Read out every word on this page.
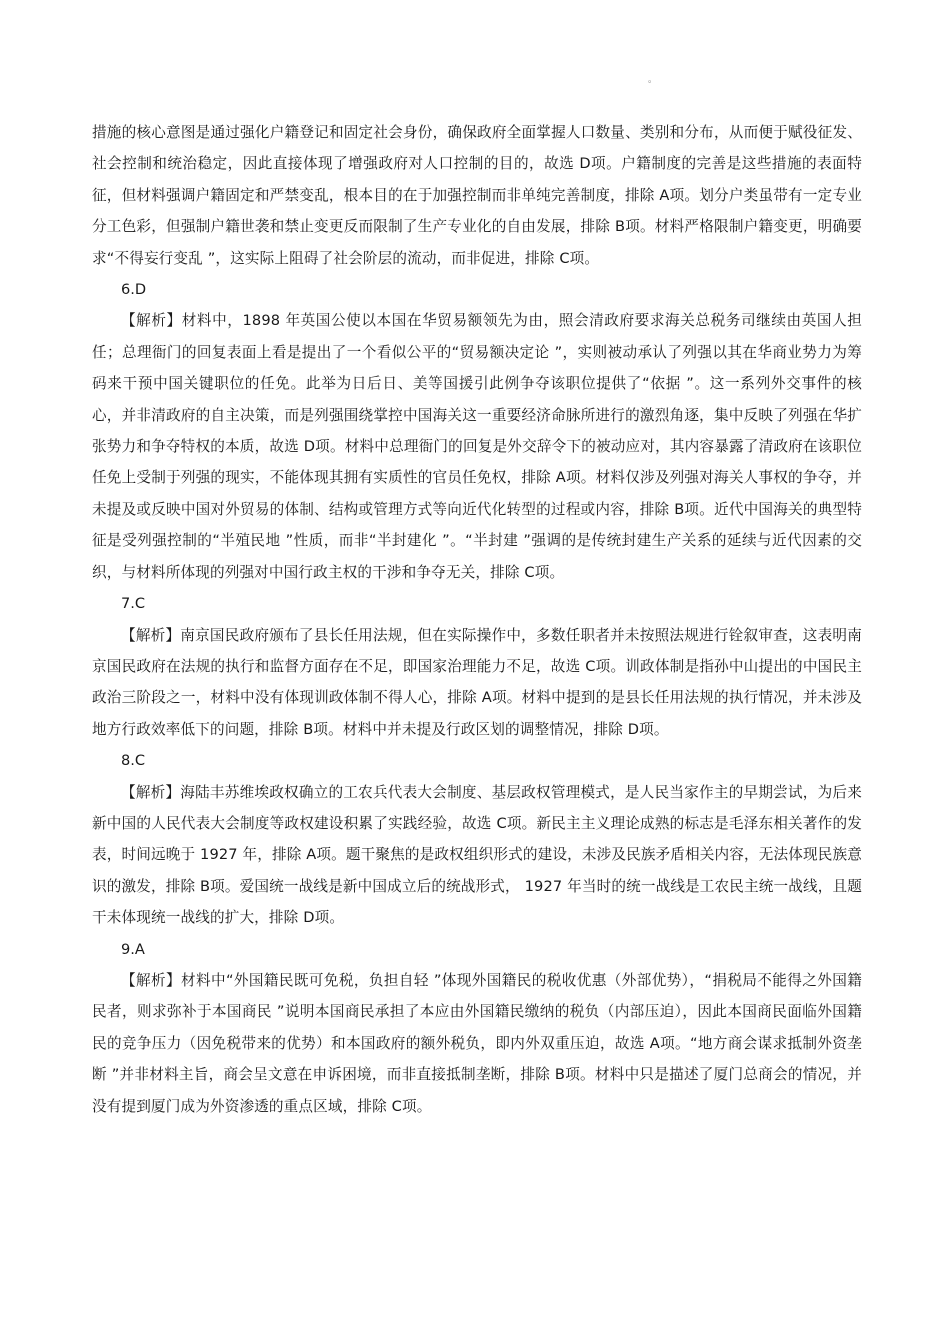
。

措施的核心意图是通过强化户籍登记和固定社会身份，确保政府全面掌握人口数量、类别和分布，从而便于赋役征发、社会控制和统治稳定，因此直接体现了增强政府对人口控制的目的，故选 D项。户籍制度的完善是这些措施的表面特征，但材料强调户籍固定和严禁变乱，根本目的在于加强控制而非单纯完善制度，排除 A项。划分户类虽带有一定专业分工色彩，但强制户籍世袭和禁止变更反而限制了生产专业化的自由发展，排除 B项。材料严格限制户籍变更，明确要求“不得妄行变乱 ”，这实际上阻碍了社会阶层的流动，而非促进，排除 C项。

6.D

【解析】材料中，1898 年英国公使以本国在华贸易额领先为由，照会清政府要求海关总税务司继续由英国人担任；总理衙门的回复表面上看是提出了一个看似公平的“贸易额决定论 ”，实则被动承认了列强以其在华商业势力为筹码来干预中国关键职位的任免。此举为日后日、美等国援引此例争夺该职位提供了“依据 ”。这一系列外交事件的核心，并非清政府的自主决策，而是列强围绕掌控中国海关这一重要经济命脉所进行的激烈角逐，集中反映了列强在华扩张势力和争夺特权的本质，故选 D项。材料中总理衙门的回复是外交辞令下的被动应对，其内容暴露了清政府在该职位任免上受制于列强的现实，不能体现其拥有实质性的官员任免权，排除 A项。材料仅涉及列强对海关人事权的争夺，并未提及或反映中国对外贸易的体制、结构或管理方式等向近代化转型的过程或内容，排除 B项。近代中国海关的典型特征是受列强控制的“半殖民地 ”性质，而非“半封建化 ”。“半封建 ”强调的是传统封建生产关系的延续与近代因素的交织，与材料所体现的列强对中国行政主权的干涉和争夺无关，排除 C项。

7.C

【解析】南京国民政府颁布了县长任用法规，但在实际操作中，多数任职者并未按照法规进行铨叙审查，这表明南京国民政府在法规的执行和监督方面存在不足，即国家治理能力不足，故选 C项。训政体制是指孙中山提出的中国民主政治三阶段之一，材料中没有体现训政体制不得人心，排除 A项。材料中提到的是县长任用法规的执行情况，并未涉及地方行政效率低下的问题，排除 B项。材料中并未提及行政区划的调整情况，排除 D项。

8.C

【解析】海陆丰苏维埃政权确立的工农兵代表大会制度、基层政权管理模式，是人民当家作主的早期尝试，为后来新中国的人民代表大会制度等政权建设积累了实践经验，故选 C项。新民主主义理论成熟的标志是毛泽东相关著作的发表，时间远晚于 1927 年，排除 A项。题干聚焦的是政权组织形式的建设，未涉及民族矛盾相关内容，无法体现民族意识的激发，排除 B项。爱国统一战线是新中国成立后的统战形式， 1927 年当时的统一战线是工农民主统一战线，且题干未体现统一战线的扩大，排除 D项。

9.A

【解析】材料中“外国籍民既可免税，负担自轻 ”体现外国籍民的税收优惠（外部优势），“捐税局不能得之外国籍民者，则求弥补于本国商民 ”说明本国商民承担了本应由外国籍民缴纳的税负（内部压迫），因此本国商民面临外国籍民的竞争压力（因免税带来的优势）和本国政府的额外税负，即内外双重压迫，故选 A项。“地方商会谋求抵制外资垄断 ”并非材料主旨，商会呈文意在申诉困境，而非直接抵制垄断，排除 B项。材料中只是描述了厦门总商会的情况，并没有提到厦门成为外资渗透的重点区域，排除 C项。
